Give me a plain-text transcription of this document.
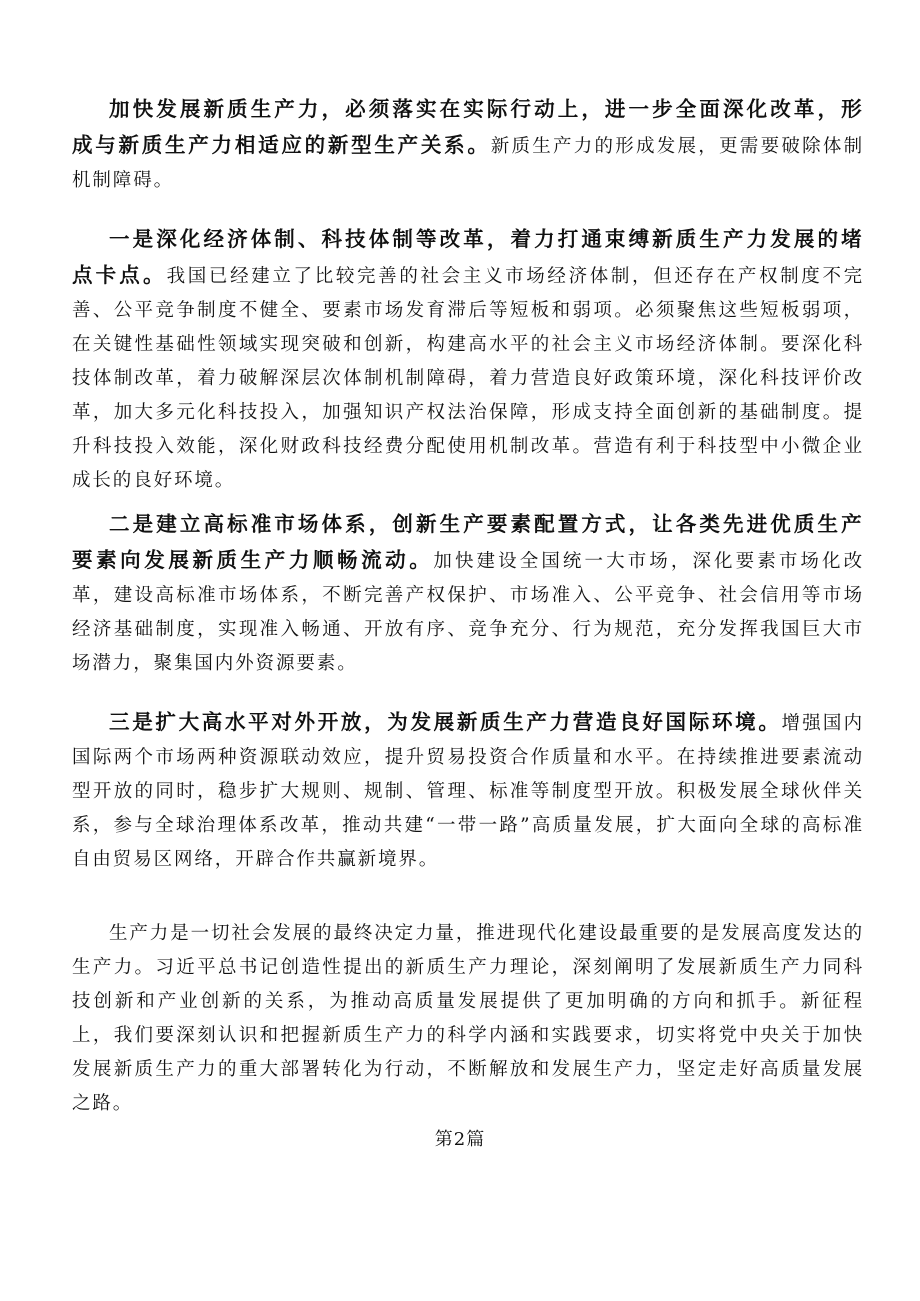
加快发展新质生产力，必须落实在实际行动上，进一步全面深化改革，形成与新质生产力相适应的新型生产关系。新质生产力的形成发展，更需要破除体制机制障碍。

一是深化经济体制、科技体制等改革，着力打通束缚新质生产力发展的堵点卡点。我国已经建立了比较完善的社会主义市场经济体制，但还存在产权制度不完善、公平竞争制度不健全、要素市场发育滞后等短板和弱项。必须聚焦这些短板弱项，在关键性基础性领域实现突破和创新，构建高水平的社会主义市场经济体制。要深化科技体制改革，着力破解深层次体制机制障碍，着力营造良好政策环境，深化科技评价改革，加大多元化科技投入，加强知识产权法治保障，形成支持全面创新的基础制度。提升科技投入效能，深化财政科技经费分配使用机制改革。营造有利于科技型中小微企业成长的良好环境。

二是建立高标准市场体系，创新生产要素配置方式，让各类先进优质生产要素向发展新质生产力顺畅流动。加快建设全国统一大市场，深化要素市场化改革，建设高标准市场体系，不断完善产权保护、市场准入、公平竞争、社会信用等市场经济基础制度，实现准入畅通、开放有序、竞争充分、行为规范，充分发挥我国巨大市场潜力，聚集国内外资源要素。

三是扩大高水平对外开放，为发展新质生产力营造良好国际环境。增强国内国际两个市场两种资源联动效应，提升贸易投资合作质量和水平。在持续推进要素流动型开放的同时，稳步扩大规则、规制、管理、标准等制度型开放。积极发展全球伙伴关系，参与全球治理体系改革，推动共建“一带一路”高质量发展，扩大面向全球的高标准自由贸易区网络，开辟合作共赢新境界。

生产力是一切社会发展的最终决定力量，推进现代化建设最重要的是发展高度发达的生产力。习近平总书记创造性提出的新质生产力理论，深刻阐明了发展新质生产力同科技创新和产业创新的关系，为推动高质量发展提供了更加明确的方向和抓手。新征程上，我们要深刻认识和把握新质生产力的科学内涵和实践要求，切实将党中央关于加快发展新质生产力的重大部署转化为行动，不断解放和发展生产力，坚定走好高质量发展之路。

第2篇
